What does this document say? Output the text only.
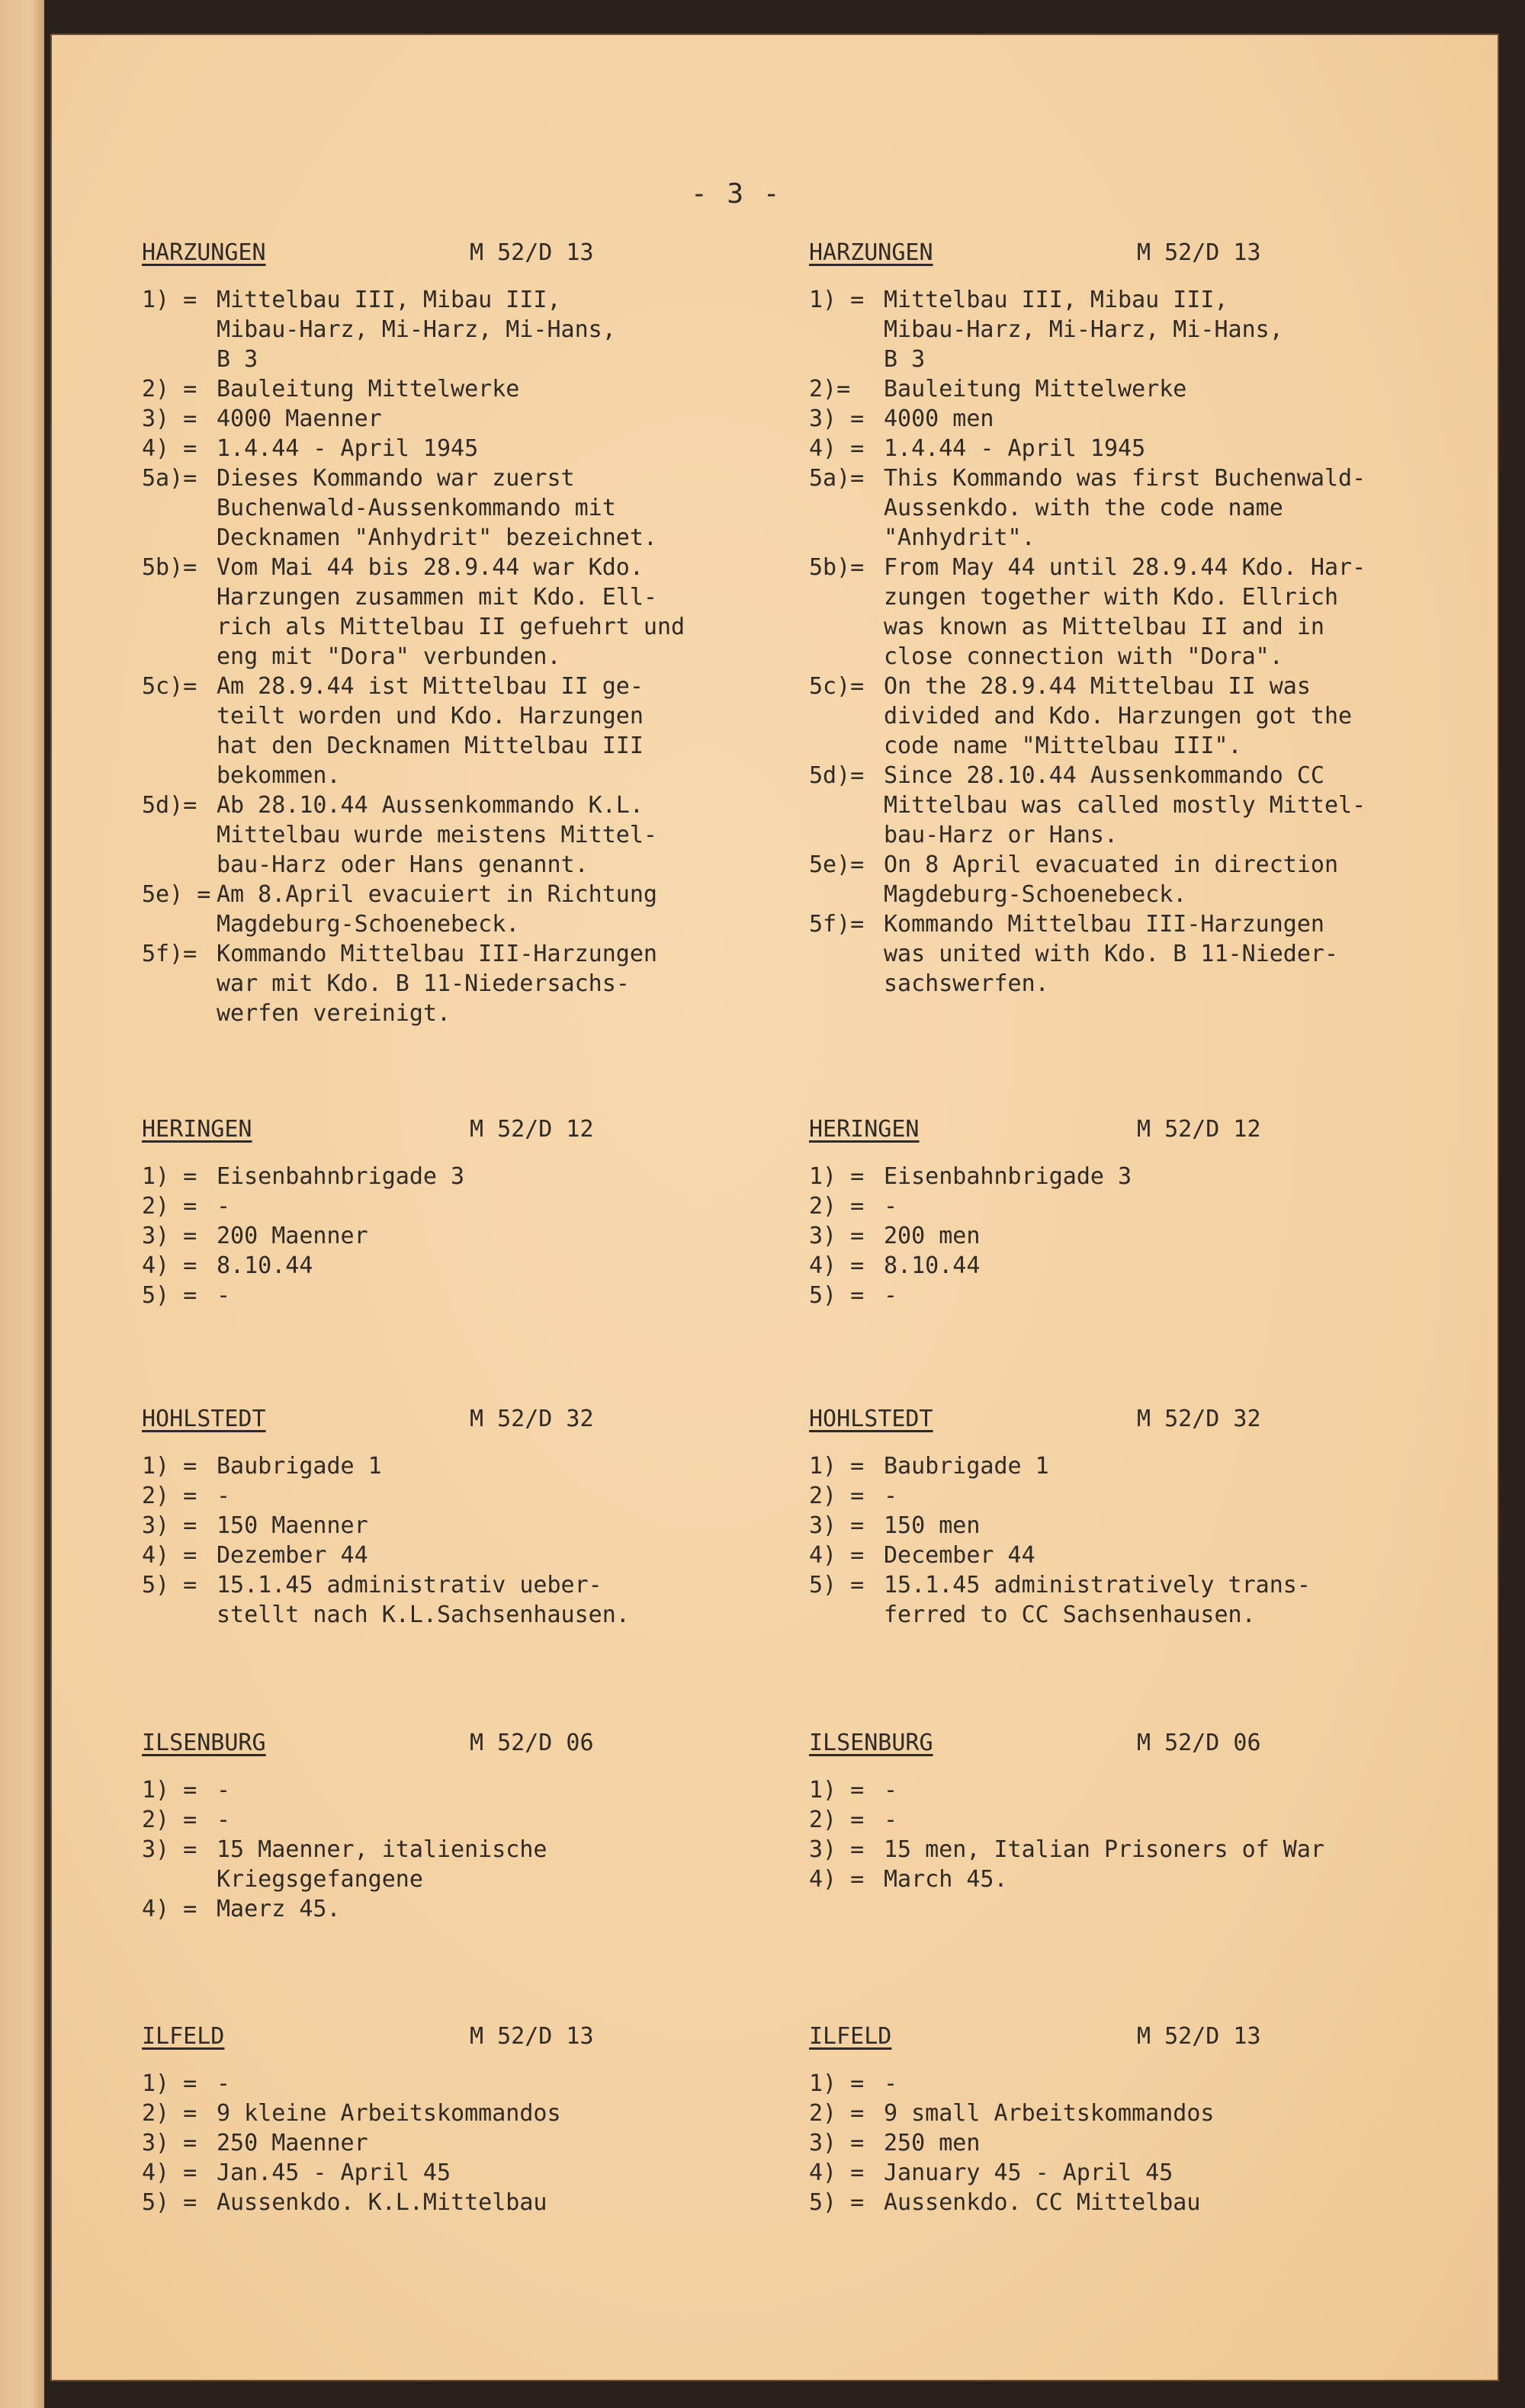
- 3 -
HARZUNGEN	M 52/D 13
1) = Mittelbau III, Mibau III,
Mibau-Harz, Mi-Harz, Mi-Hans,
B 3
2) = Bauleitung Mittelwerke
3) = 4000 Maenner
4) = 1.4.44 - April 1945
5a)= Dieses Kommando war zuerst
Buchenwald-Aussenkommando mit
Decknamen "Anhydrit" bezeichnet.
5b)= Vom Mai 44 bis 28.9.44 war Kdo.
Harzungen zusammen mit Kdo. Ell-
rich als Mittelbau II gefuehrt und
eng mit "Dora" verbunden.
5c)= Am 28.9.44 ist Mittelbau II ge-
teilt worden und Kdo. Harzungen
hat den Decknamen Mittelbau III
bekommen.
5d)= Ab 28.10.44 Aussenkommando K.L.
Mittelbau wurde meistens Mittel-
bau-Harz oder Hans genannt.
5e) = Am 8.April evacuiert in Richtung
Magdeburg-Schoenebeck.
5f)= Kommando Mittelbau III-Harzungen
war mit Kdo. B 11-Niedersachs-
werfen vereinigt.
HERINGEN	M 52/D 12
1) = Eisenbahnbrigade 3
2) = -
3) = 200 Maenner
4) = 8.10.44
5) = -
HOHLSTEDT	M 52/D 32
1) = Baubrigade 1
2) = -
3) = 150 Maenner
4) = Dezember 44
5) = 15.1.45 administrativ ueber-
stellt nach K.L.Sachsenhausen.
ILSENBURG	M 52/D 06
1) = -
2) = -
3) = 15 Maenner, italienische
Kriegsgefangene
4) = Maerz 45.
ILFELD	M 52/D 13
1) = -
2) = 9 kleine Arbeitskommandos
3) = 250 Maenner
4) = Jan.45 - April 45
5) = Aussenkdo. K.L.Mittelbau
HARZUNGEN	M 52/D 13
1) = Mittelbau III, Mibau III,
Mibau-Harz, Mi-Harz, Mi-Hans,
B 3
2)=	Bauleitung Mittelwerke
3) = 4000 men
4) = 1.4.44 - April 1945
5a)= This Kommando was first Buchenwald-
Aussenkdo. with the code name
"Anhydrit".
5b)= From May 44 until 28.9.44 Kdo. Har-
zungen together with Kdo. Ellrich
was known as Mittelbau II and in
close connection with "Dora".
5c)= On the 28.9.44 Mittelbau II was
divided and Kdo. Harzungen got the
code name "Mittelbau III".
5d)= Since 28.10.44 Aussenkommando CC
Mittelbau was called mostly Mittel-
bau-Harz or Hans.
5e)= On 8 April evacuated in direction
Magdeburg-Schoenebeck.
5f)= Kommando Mittelbau III-Harzungen
was united with Kdo. B 11-Nieder-
sachswerfen.
HERINGEN	M 52/D 12
1) = Eisenbahnbrigade 3
2) = -
3) = 200 men
4) = 8.10.44
5) = -
HOHLSTEDT	M 52/D 32
1) = Baubrigade 1
2) = -
3) = 150 men
4) = December 44
5) = 15.1.45 administratively trans-
ferred to CC Sachsenhausen.
ILSENBURG	M 52/D 06
1) = -
2) = -
3) = 15 men, Italian Prisoners of War
4) = March 45.
ILFELD	M 52/D 13
1) = -
2) = 9 small Arbeitskommandos
3) = 250 men
4) = January 45 - April 45
5) = Aussenkdo. CC Mittelbau
